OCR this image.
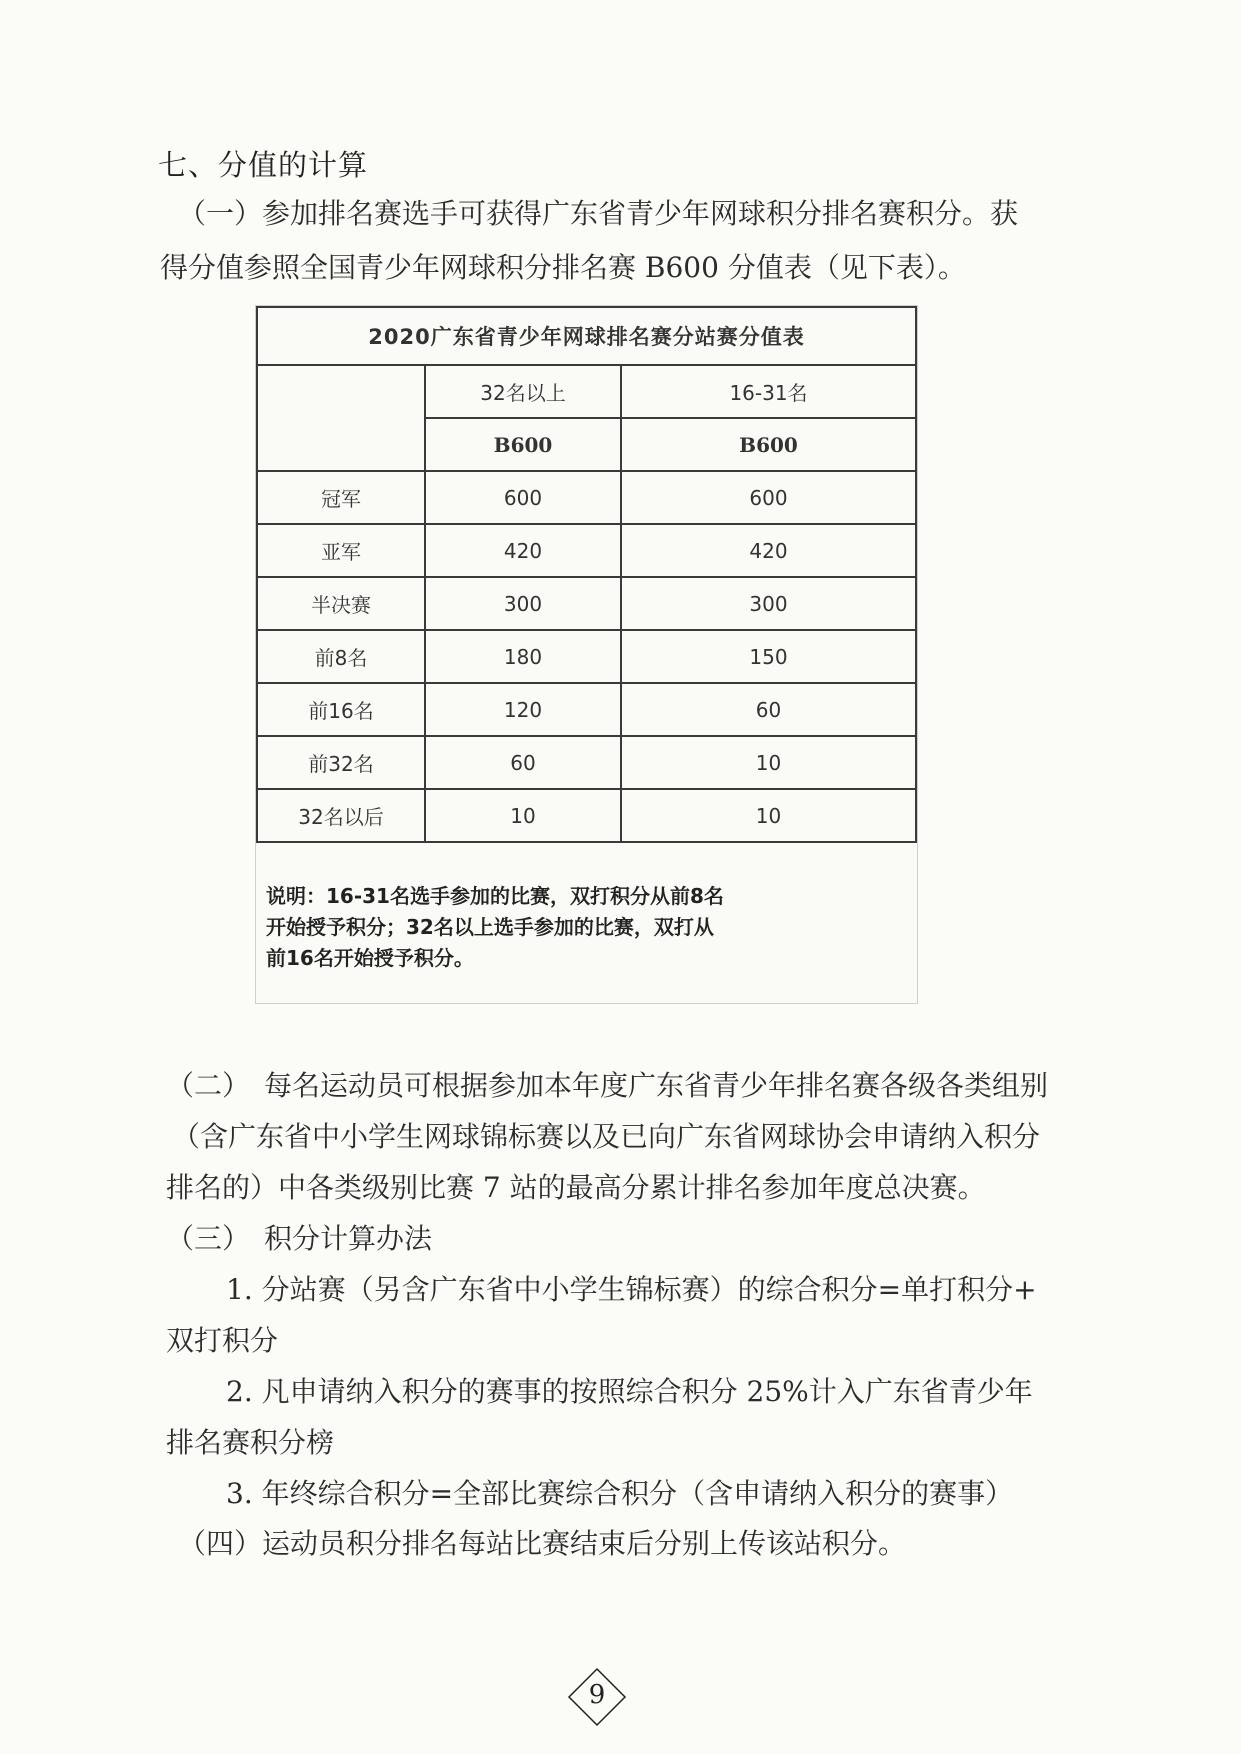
七、分值的计算
（一）参加排名赛选手可获得广东省青少年网球积分排名赛积分。获
得分值参照全国青少年网球积分排名赛 B600 分值表（见下表）。
2020广东省青少年网球排名赛分站赛分值表		
	32名以上	16-31名
	B600	B600
冠军	600	600
亚军	420	420
半决赛	300	300
前8名	180	150
前16名	120	60
前32名	60	10
32名以后	10	10
说明：16-31名选手参加的比赛，双打积分从前8名
开始授予积分；32名以上选手参加的比赛，双打从
前16名开始授予积分。
（二）　每名运动员可根据参加本年度广东省青少年排名赛各级各类组别
（含广东省中小学生网球锦标赛以及已向广东省网球协会申请纳入积分
排名的）中各类级别比赛 7 站的最高分累计排名参加年度总决赛。
（三）　积分计算办法
1. 分站赛（另含广东省中小学生锦标赛）的综合积分=单打积分+
双打积分
2. 凡申请纳入积分的赛事的按照综合积分 25%计入广东省青少年
排名赛积分榜
3. 年终综合积分=全部比赛综合积分（含申请纳入积分的赛事）
（四）运动员积分排名每站比赛结束后分别上传该站积分。
9
